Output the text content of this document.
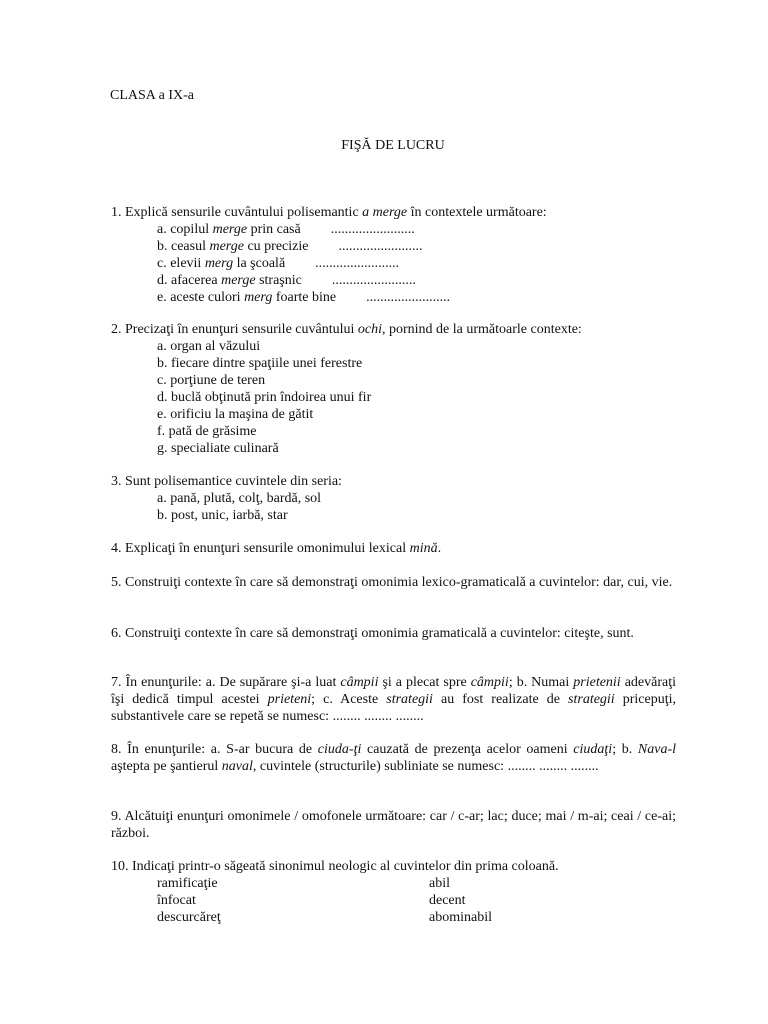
CLASA a IX-a
FIŞĂ DE LUCRU
1. Explică sensurile cuvântului polisemantic a merge în contextele următoare:
a. copilul merge prin casă ........................
b. ceasul merge cu precizie ........................
c. elevii merg la şcoală ........................
d. afacerea merge straşnic ........................
e. aceste culori merg foarte bine ........................
2. Precizaţi în enunţuri sensurile cuvântului ochi, pornind de la următoarle contexte:
a. organ al văzului
b. fiecare dintre spaţiile unei ferestre
c. porţiune de teren
d. buclă obţinută prin îndoirea unui fir
e. orificiu la maşina de gătit
f. pată de grăsime
g. specialiate culinară
3. Sunt polisemantice cuvintele din seria:
a. pană, plută, colţ, bardă, sol
b. post, unic, iarbă, star
4. Explicaţi în enunţuri sensurile omonimului lexical mină.
5. Construiţi contexte în care să demonstraţi omonimia lexico-gramaticală a cuvintelor: dar, cui, vie.
6. Construiţi contexte în care să demonstraţi omonimia gramaticală a cuvintelor: citeşte, sunt.
7. În enunţurile: a. De supărare şi-a luat câmpii şi a plecat spre câmpii; b. Numai prietenii adevăraţi îşi dedică timpul acestei prieteni; c. Aceste strategii au fost realizate de strategii pricepuţi, substantivele care se repetă se numesc: ........ ........ ........
8. În enunţurile: a. S-ar bucura de ciuda-ţi cauzată de prezenţa acelor oameni ciudaţi; b. Nava-l aştepta pe şantierul naval, cuvintele (structurile) subliniate se numesc: ........ ........ ........
9. Alcătuiţi enunţuri omonimele / omofonele următoare: car / c-ar; lac; duce; mai / m-ai; ceai / ce-ai; război.
10. Indicaţi printr-o săgeată sinonimul neologic al cuvintelor din prima coloană.
ramificaţie	abil
înfocat	decent
descurcăreţ	abominabil
